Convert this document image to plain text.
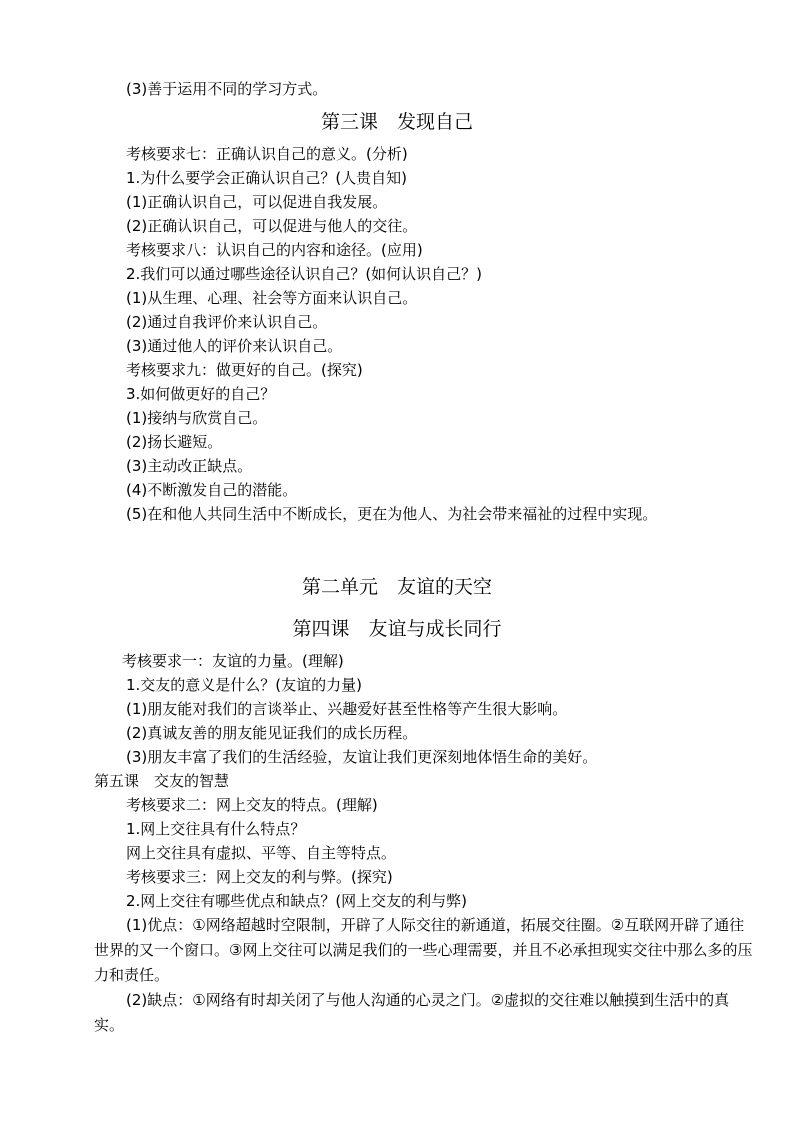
(3)善于运用不同的学习方式。
第三课　发现自己
考核要求七：正确认识自己的意义。(分析)
1.为什么要学会正确认识自己？(人贵自知)
(1)正确认识自己，可以促进自我发展。
(2)正确认识自己，可以促进与他人的交往。
考核要求八：认识自己的内容和途径。(应用)
2.我们可以通过哪些途径认识自己？(如何认识自己？)
(1)从生理、心理、社会等方面来认识自己。
(2)通过自我评价来认识自己。
(3)通过他人的评价来认识自己。
考核要求九：做更好的自己。(探究)
3.如何做更好的自己？
(1)接纳与欣赏自己。
(2)扬长避短。
(3)主动改正缺点。
(4)不断激发自己的潜能。
(5)在和他人共同生活中不断成长，更在为他人、为社会带来福祉的过程中实现。
第二单元　友谊的天空
第四课　友谊与成长同行
考核要求一：友谊的力量。(理解)
1.交友的意义是什么？(友谊的力量)
(1)朋友能对我们的言谈举止、兴趣爱好甚至性格等产生很大影响。
(2)真诚友善的朋友能见证我们的成长历程。
(3)朋友丰富了我们的生活经验，友谊让我们更深刻地体悟生命的美好。
第五课　交友的智慧
考核要求二：网上交友的特点。(理解)
1.网上交往具有什么特点？
网上交往具有虚拟、平等、自主等特点。
考核要求三：网上交友的利与弊。(探究)
2.网上交往有哪些优点和缺点？(网上交友的利与弊)
(1)优点：①网络超越时空限制，开辟了人际交往的新通道，拓展交往圈。②互联网开辟了通往世界的又一个窗口。③网上交往可以满足我们的一些心理需要，并且不必承担现实交往中那么多的压力和责任。
(2)缺点：①网络有时却关闭了与他人沟通的心灵之门。②虚拟的交往难以触摸到生活中的真实。
